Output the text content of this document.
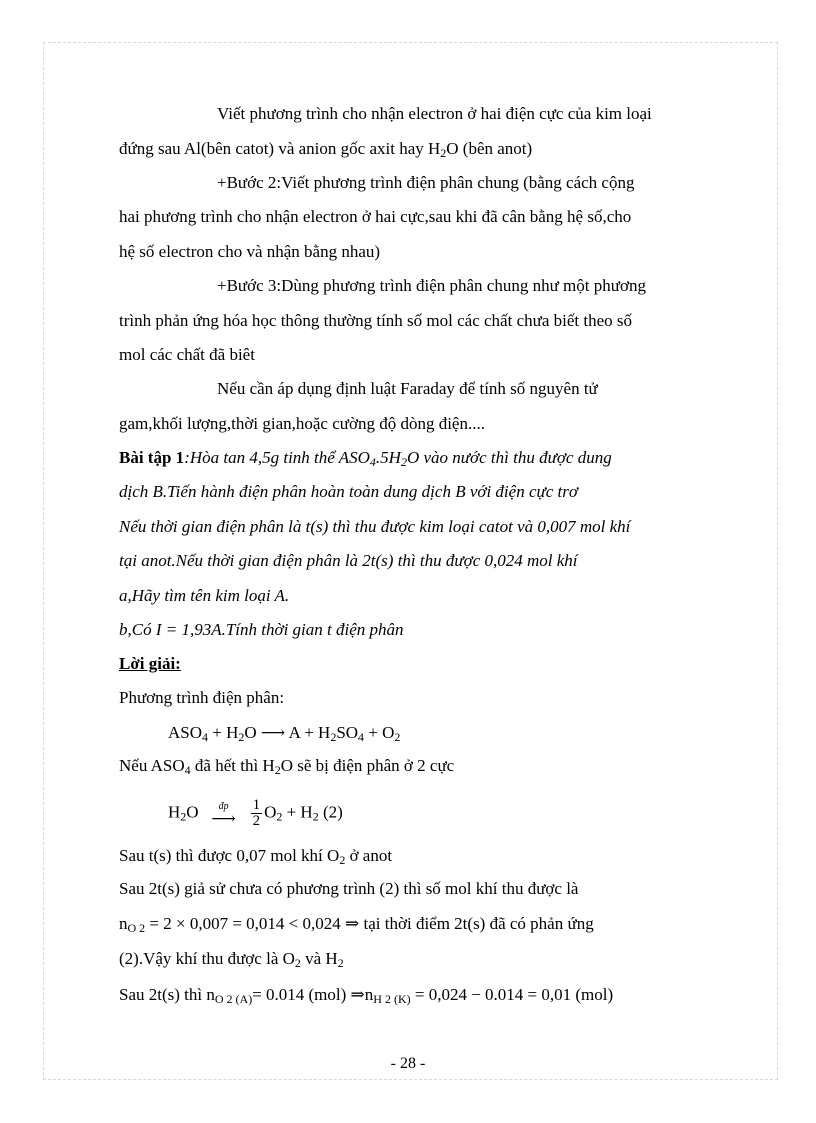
Viết phương trình cho nhận electron ở hai điện cực của kim loại
đứng sau Al(bên catot) và anion gốc axit hay $H_2O$ (bên anot)
+Bước 2:Viết phương trình điện phân chung (bằng cách cộng
hai phương trình cho nhận electron ở hai cực,sau khi đã cân bằng hệ số,cho
hệ số electron cho và nhận bằng nhau)
+Bước 3:Dùng phương trình điện phân chung như một phương
trình phản ứng hóa học thông thường tính số mol các chất chưa biết theo số
mol các chất đã biêt
Nếu cần áp dụng định luật Faraday để tính số nguyên tử
gam,khối lượng,thời gian,hoặc cường độ dòng điện....
Bài tập 1:Hòa tan 4,5g tinh thể $ASO_4.5H_2O$ vào nước thì thu được dung
dịch B.Tiến hành điện phân hoàn toàn dung dịch B với điện cực trơ
Nếu thời gian điện phân là t(s) thì thu được kim loại catot và 0,007 mol khí
tại anot.Nếu thời gian điện phân là 2t(s) thì thu được 0,024 mol khí
a,Hãy tìm tên kim loại A.
b,Có I = 1,93A.Tính thời gian t điện phân
Lời giải:
Phương trình điện phân:
$ASO_4 + H_2O$ ⟶ $A + H_2SO_4 + O_2$
Nếu $ASO_4$ đã hết thì $H_2O$ sẽ bị điện phân ở 2 cực
$H_2O$	đp
⟶ $\frac{1}{2} O_2 + H_2$ (2)
Sau t(s) thì được 0,07 mol khí $O_2$ ở anot
Sau 2t(s) giả sử chưa có phương trình (2) thì số mol khí thu được là
$n_{O 2} = 2 \times 0,007 = 0,014 < 0,024$ ⇒ tại thời điểm 2t(s) đã có phản ứng
(2).Vậy khí thu được là $O_2$ và $H_2$
Sau 2t(s) thì $n_{O 2 (A)}= 0.014$ (mol) $\Rightarrow n_{H 2 (K)} = 0,024 - 0.014 = 0,01$ (mol)
- 28 -
